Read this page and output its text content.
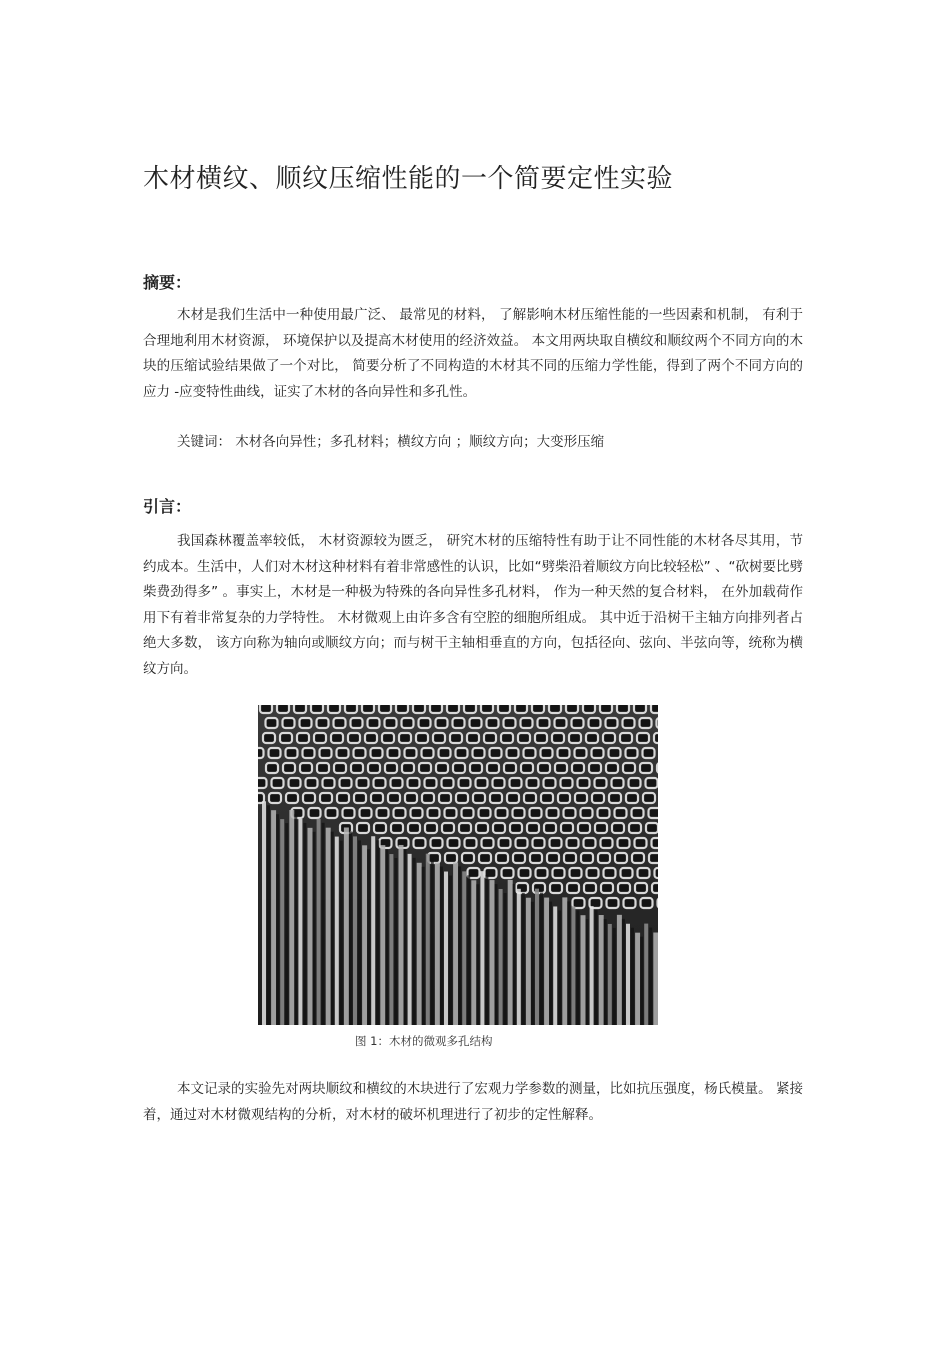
木材横纹、顺纹压缩性能的一个简要定性实验
摘要：

木材是我们生活中一种使用最广泛、 最常见的材料， 了解影响木材压缩性能的一些因素和机制， 有利于合理地利用木材资源， 环境保护以及提高木材使用的经济效益。 本文用两块取自横纹和顺纹两个不同方向的木块的压缩试验结果做了一个对比， 简要分析了不同构造的木材其不同的压缩力学性能，得到了两个不同方向的应力 -应变特性曲线，证实了木材的各向异性和多孔性。

关键词： 木材各向异性；多孔材料；横纹方向 ；顺纹方向；大变形压缩

引言：

我国森林覆盖率较低， 木材资源较为匮乏， 研究木材的压缩特性有助于让不同性能的木材各尽其用，节约成本。生活中，人们对木材这种材料有着非常感性的认识，比如“劈柴沿着顺纹方向比较轻松” 、“砍树要比劈柴费劲得多” 。事实上，木材是一种极为特殊的各向异性多孔材料， 作为一种天然的复合材料， 在外加载荷作用下有着非常复杂的力学特性。 木材微观上由许多含有空腔的细胞所组成。 其中近于沿树干主轴方向排列者占绝大多数， 该方向称为轴向或顺纹方向；而与树干主轴相垂直的方向，包括径向、弦向、半弦向等，统称为横纹方向。

图 1：木材的微观多孔结构

本文记录的实验先对两块顺纹和横纹的木块进行了宏观力学参数的测量，比如抗压强度，杨氏模量。 紧接着，通过对木材微观结构的分析，对木材的破坏机理进行了初步的定性解释。
